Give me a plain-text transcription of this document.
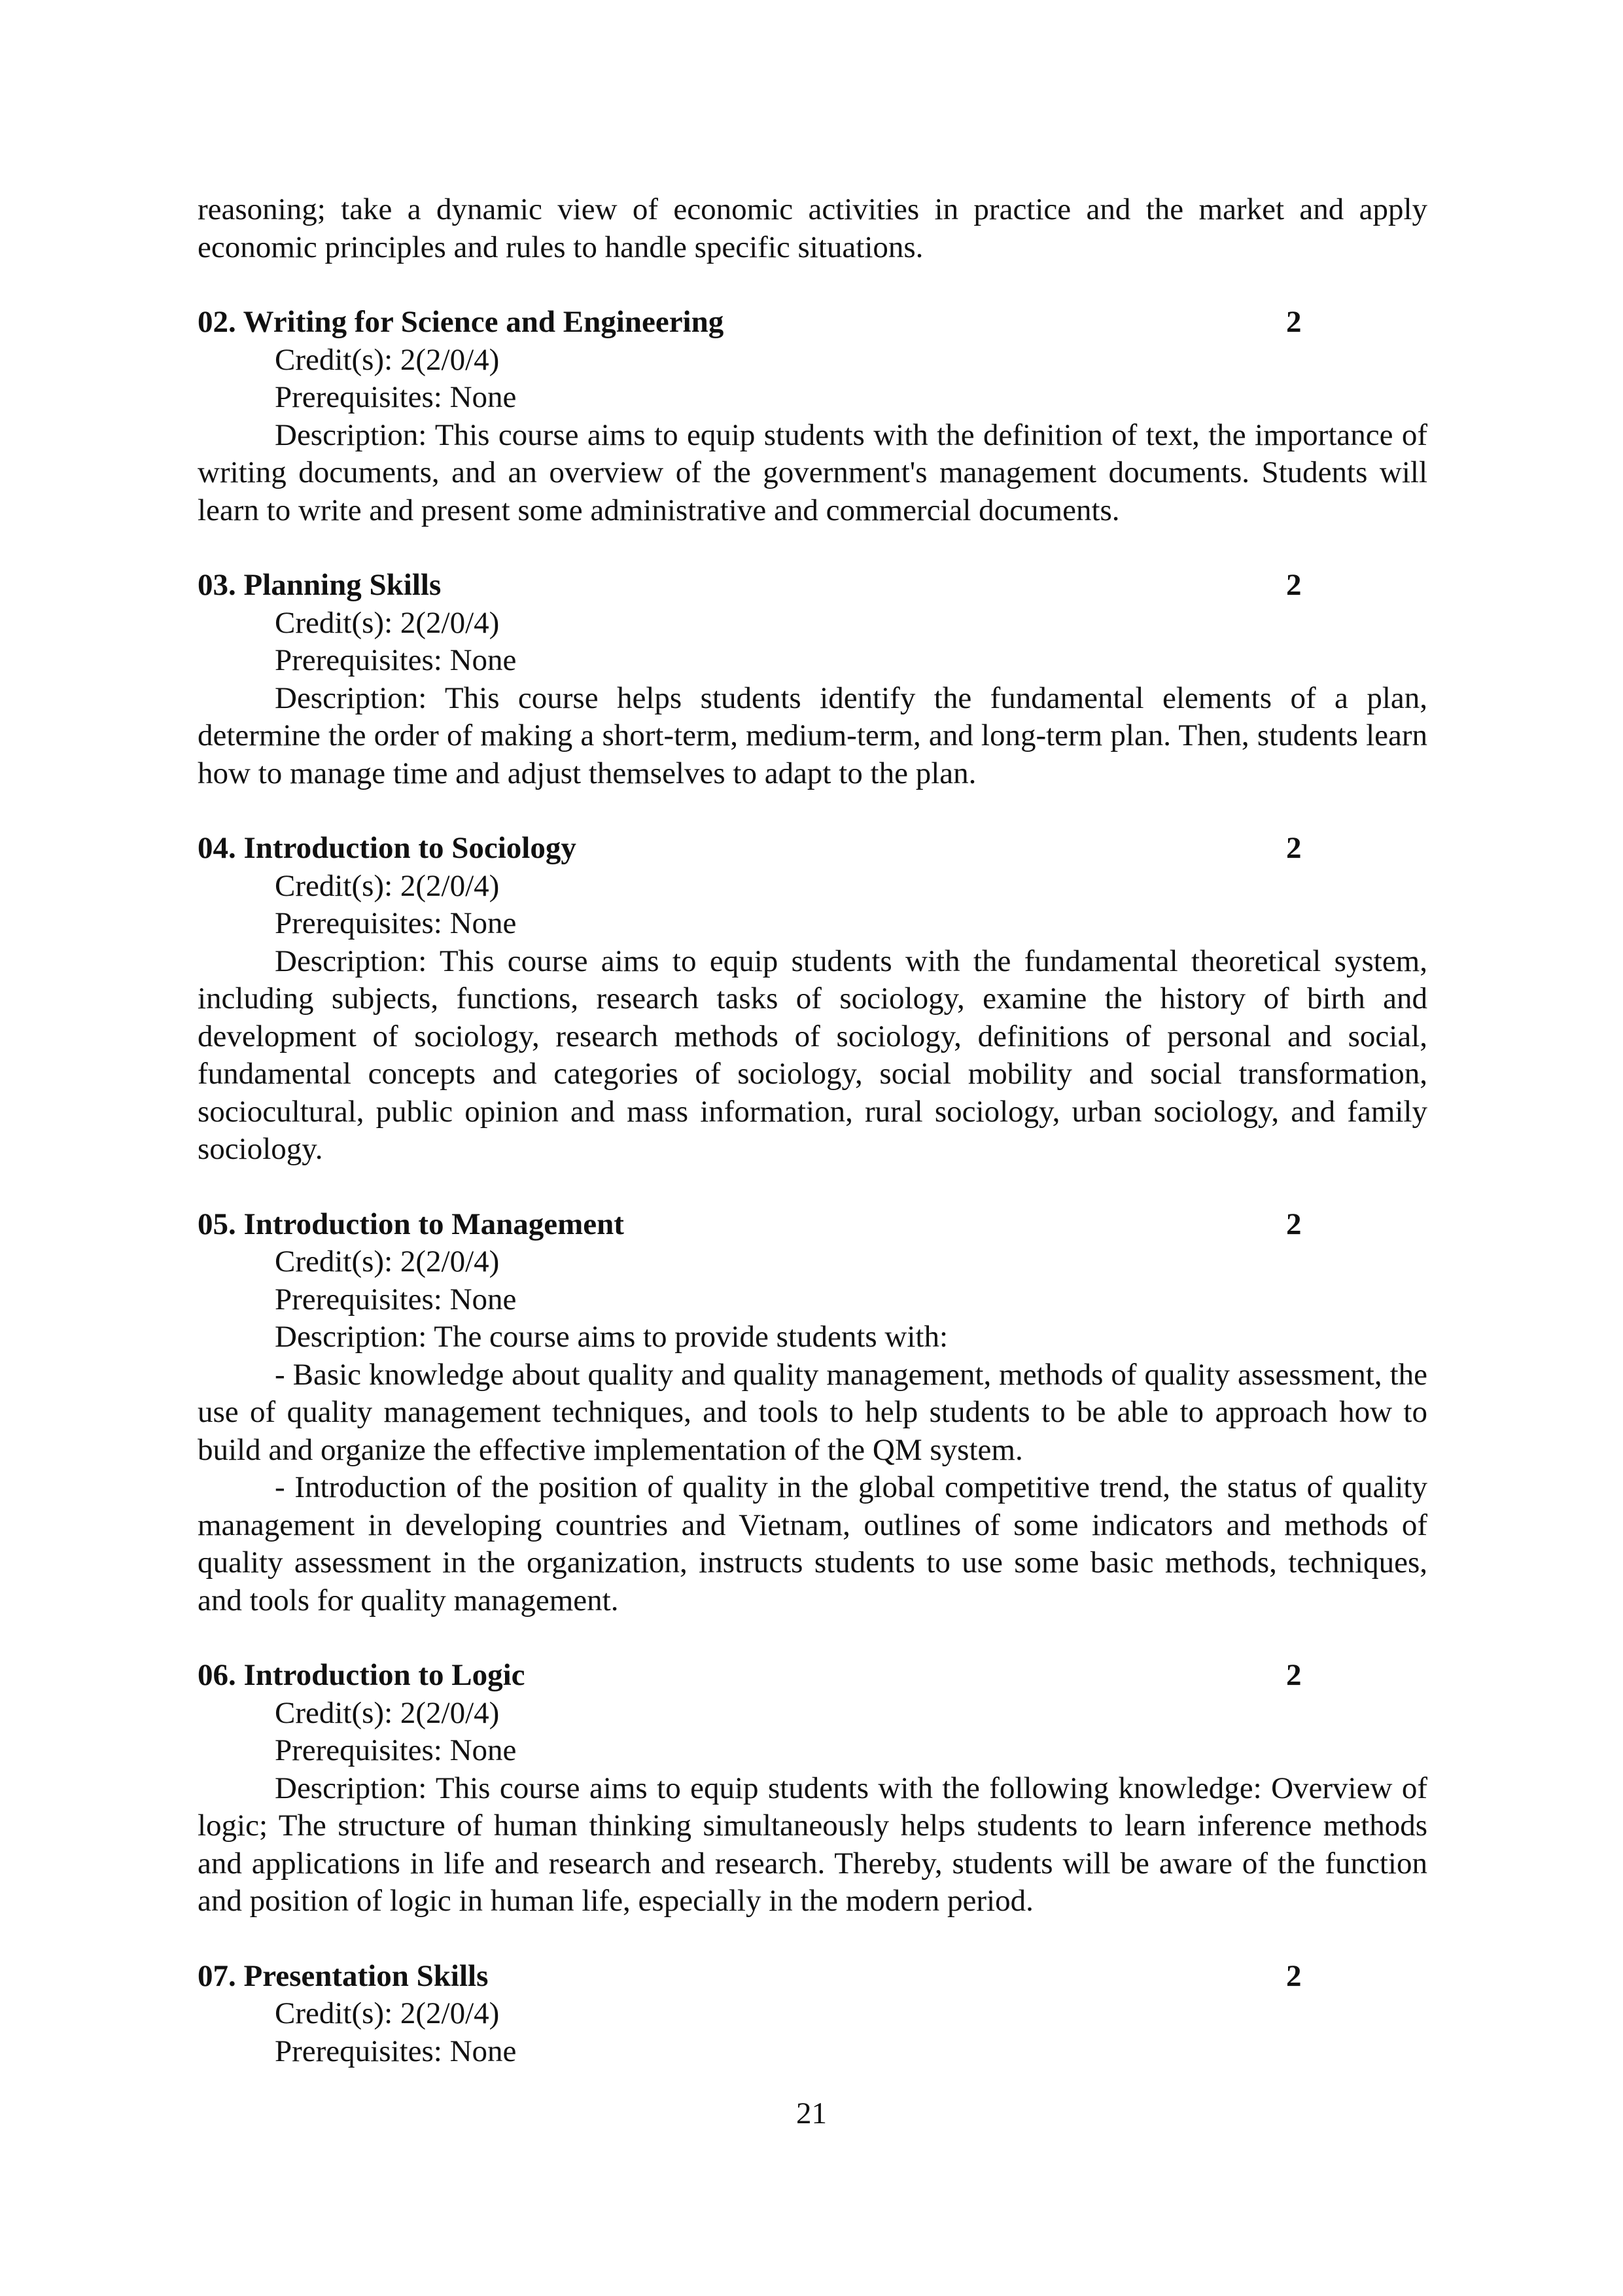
reasoning; take a dynamic view of economic activities in practice and the market and apply economic principles and rules to handle specific situations.

02. Writing for Science and Engineering	2

Credit(s): 2(2/0/4)

Prerequisites: None

Description: This course aims to equip students with the definition of text, the importance of writing documents, and an overview of the government's management documents. Students will learn to write and present some administrative and commercial documents.

03. Planning Skills	2

Credit(s): 2(2/0/4)

Prerequisites: None

Description: This course helps students identify the fundamental elements of a plan, determine the order of making a short-term, medium-term, and long-term plan. Then, students learn how to manage time and adjust themselves to adapt to the plan.

04. Introduction to Sociology	2

Credit(s): 2(2/0/4)

Prerequisites: None

Description: This course aims to equip students with the fundamental theoretical system, including subjects, functions, research tasks of sociology, examine the history of birth and development of sociology, research methods of sociology, definitions of personal and social, fundamental concepts and categories of sociology, social mobility and social transformation, sociocultural, public opinion and mass information, rural sociology, urban sociology, and family sociology.

05. Introduction to Management	2

Credit(s): 2(2/0/4)

Prerequisites: None

Description: The course aims to provide students with:

- Basic knowledge about quality and quality management, methods of quality assessment, the use of quality management techniques, and tools to help students to be able to approach how to build and organize the effective implementation of the QM system.

- Introduction of the position of quality in the global competitive trend, the status of quality management in developing countries and Vietnam, outlines of some indicators and methods of quality assessment in the organization, instructs students to use some basic methods, techniques, and tools for quality management.

06. Introduction to Logic	2

Credit(s): 2(2/0/4)

Prerequisites: None

Description: This course aims to equip students with the following knowledge: Overview of logic; The structure of human thinking simultaneously helps students to learn inference methods and applications in life and research and research. Thereby, students will be aware of the function and position of logic in human life, especially in the modern period.

07. Presentation Skills	2

Credit(s): 2(2/0/4)

Prerequisites: None

21
